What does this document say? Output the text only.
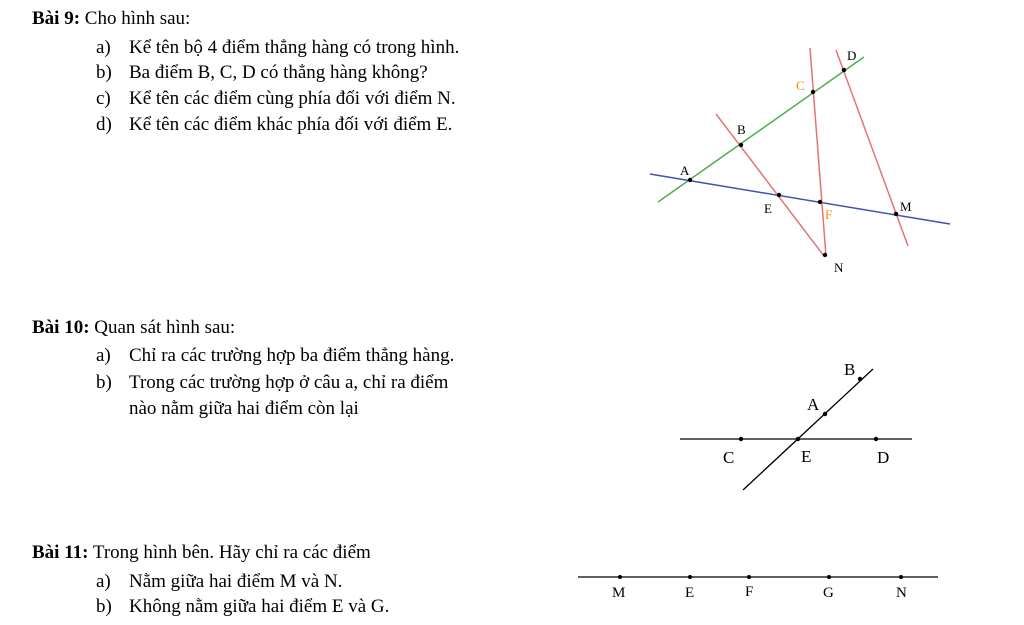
Bài 9: Cho hình sau:
a) Kể tên bộ 4 điểm thẳng hàng có trong hình.
b) Ba điểm B, C, D có thẳng hàng không?
c) Kể tên các điểm cùng phía đối với điểm N.
d) Kể tên các điểm khác phía đối với điểm E.
Bài 10: Quan sát hình sau:
a) Chỉ ra các trường hợp ba điểm thẳng hàng.
b) Trong các trường hợp ở câu a, chỉ ra điểm
nào nằm giữa hai điểm còn lại
Bài 11: Trong hình bên. Hãy chỉ ra các điểm
a) Nằm giữa hai điểm M và N.
b) Không nằm giữa hai điểm E và G.
D
C
B
A
E	F
M
N
B
A
C	E	D
M	E	F	G	N
